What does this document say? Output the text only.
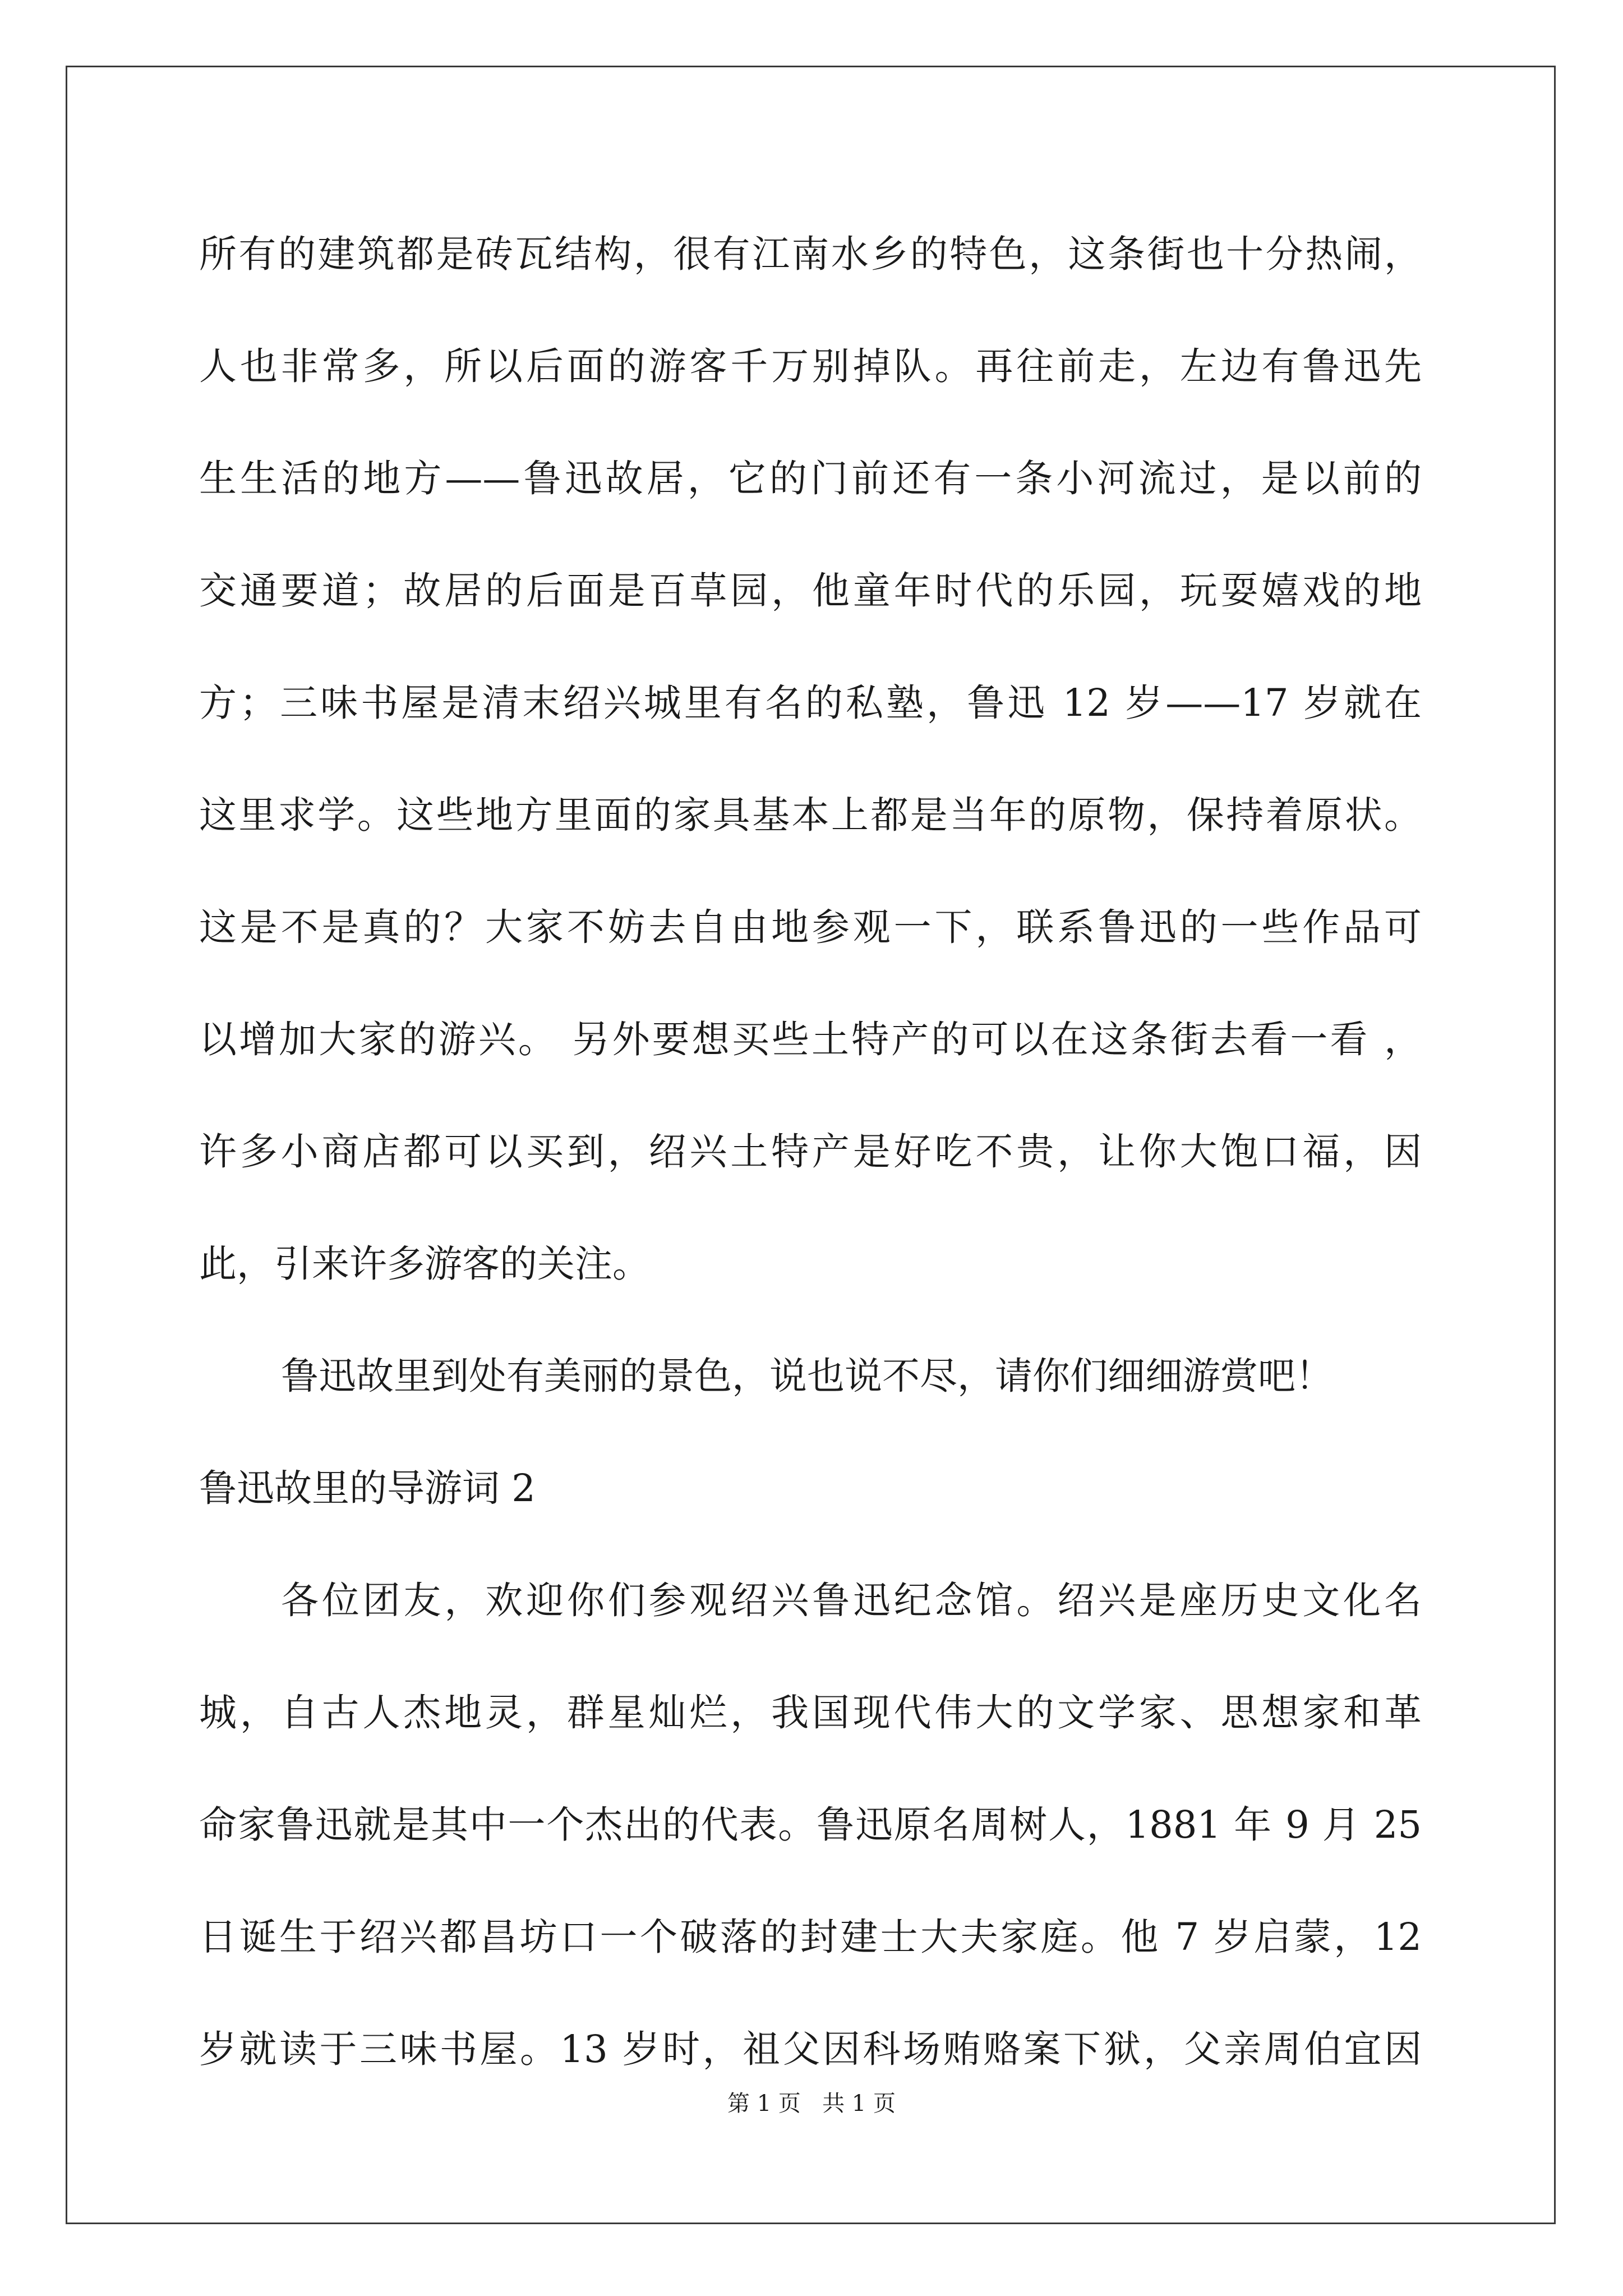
所有的建筑都是砖瓦结构，很有江南水乡的特色，这条街也十分热闹，
人也非常多，所以后面的游客千万别掉队。再往前走，左边有鲁迅先
生生活的地方——鲁迅故居，它的门前还有一条小河流过，是以前的
交通要道；故居的后面是百草园，他童年时代的乐园，玩耍嬉戏的地
方；三味书屋是清末绍兴城里有名的私塾，鲁迅 12 岁——17 岁就在
这里求学。这些地方里面的家具基本上都是当年的原物，保持着原状。
这是不是真的？大家不妨去自由地参观一下，联系鲁迅的一些作品可
以增加大家的游兴。 另外要想买些土特产的可以在这条街去看一看 ，
许多小商店都可以买到，绍兴土特产是好吃不贵，让你大饱口福，因
此，引来许多游客的关注。
鲁迅故里到处有美丽的景色，说也说不尽，请你们细细游赏吧！
鲁迅故里的导游词 2
各位团友，欢迎你们参观绍兴鲁迅纪念馆。绍兴是座历史文化名
城，自古人杰地灵，群星灿烂，我国现代伟大的文学家、思想家和革
命家鲁迅就是其中一个杰出的代表。鲁迅原名周树人，1881 年 9 月 25
日诞生于绍兴都昌坊口一个破落的封建士大夫家庭。他 7 岁启蒙，12
岁就读于三味书屋。13 岁时，祖父因科场贿赂案下狱，父亲周伯宜因
第 1 页   共 1 页
